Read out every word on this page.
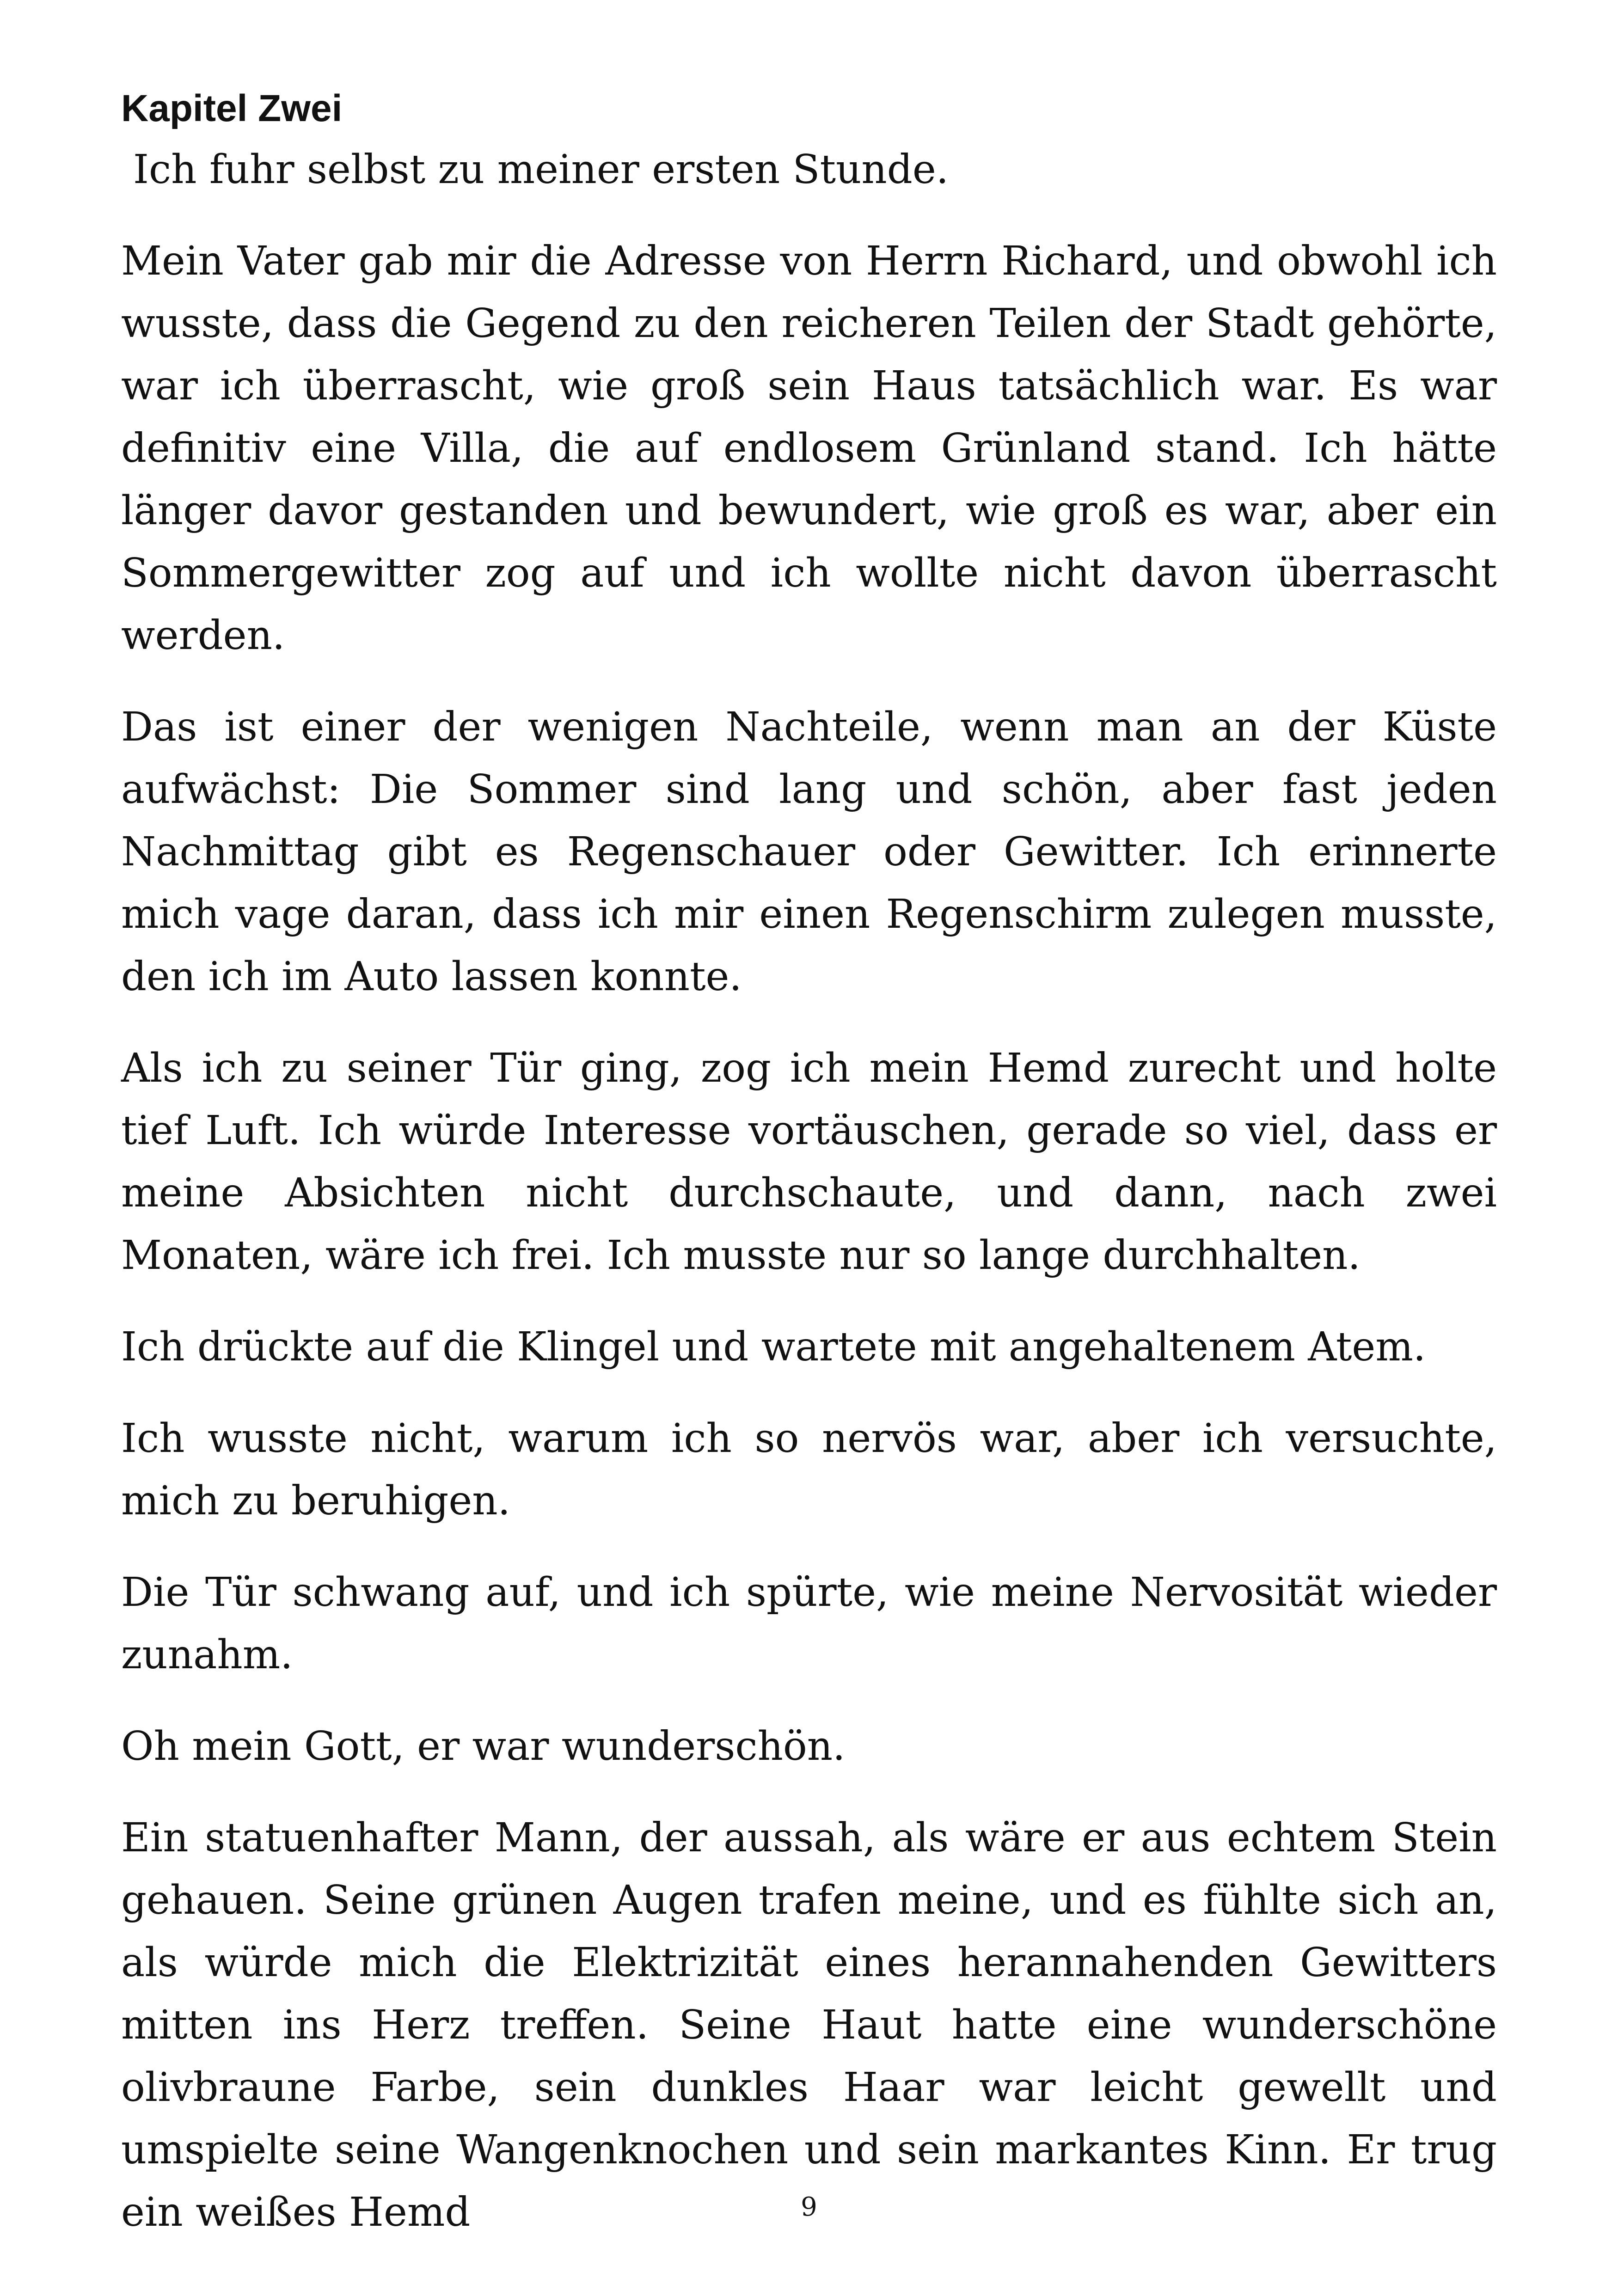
Kapitel Zwei

Ich fuhr selbst zu meiner ersten Stunde.

Mein Vater gab mir die Adresse von Herrn Richard, und obwohl ich wusste, dass die Gegend zu den reicheren Teilen der Stadt gehörte, war ich überrascht, wie groß sein Haus tatsächlich war. Es war definitiv eine Villa, die auf endlosem Grünland stand. Ich hätte länger davor gestanden und bewundert, wie groß es war, aber ein Sommergewitter zog auf und ich wollte nicht davon überrascht werden.

Das ist einer der wenigen Nachteile, wenn man an der Küste aufwächst: Die Sommer sind lang und schön, aber fast jeden Nachmittag gibt es Regenschauer oder Gewitter. Ich erinnerte mich vage daran, dass ich mir einen Regenschirm zulegen musste, den ich im Auto lassen konnte.

Als ich zu seiner Tür ging, zog ich mein Hemd zurecht und holte tief Luft. Ich würde Interesse vortäuschen, gerade so viel, dass er meine Absichten nicht durchschaute, und dann, nach zwei Monaten, wäre ich frei. Ich musste nur so lange durchhalten.

Ich drückte auf die Klingel und wartete mit angehaltenem Atem.

Ich wusste nicht, warum ich so nervös war, aber ich versuchte, mich zu beruhigen.

Die Tür schwang auf, und ich spürte, wie meine Nervosität wieder zunahm.

Oh mein Gott, er war wunderschön.

Ein statuenhafter Mann, der aussah, als wäre er aus echtem Stein gehauen. Seine grünen Augen trafen meine, und es fühlte sich an, als würde mich die Elektrizität eines herannahenden Gewitters mitten ins Herz treffen. Seine Haut hatte eine wunderschöne olivbraune Farbe, sein dunkles Haar war leicht gewellt und umspielte seine Wangenknochen und sein markantes Kinn. Er trug ein weißes Hemd	9
